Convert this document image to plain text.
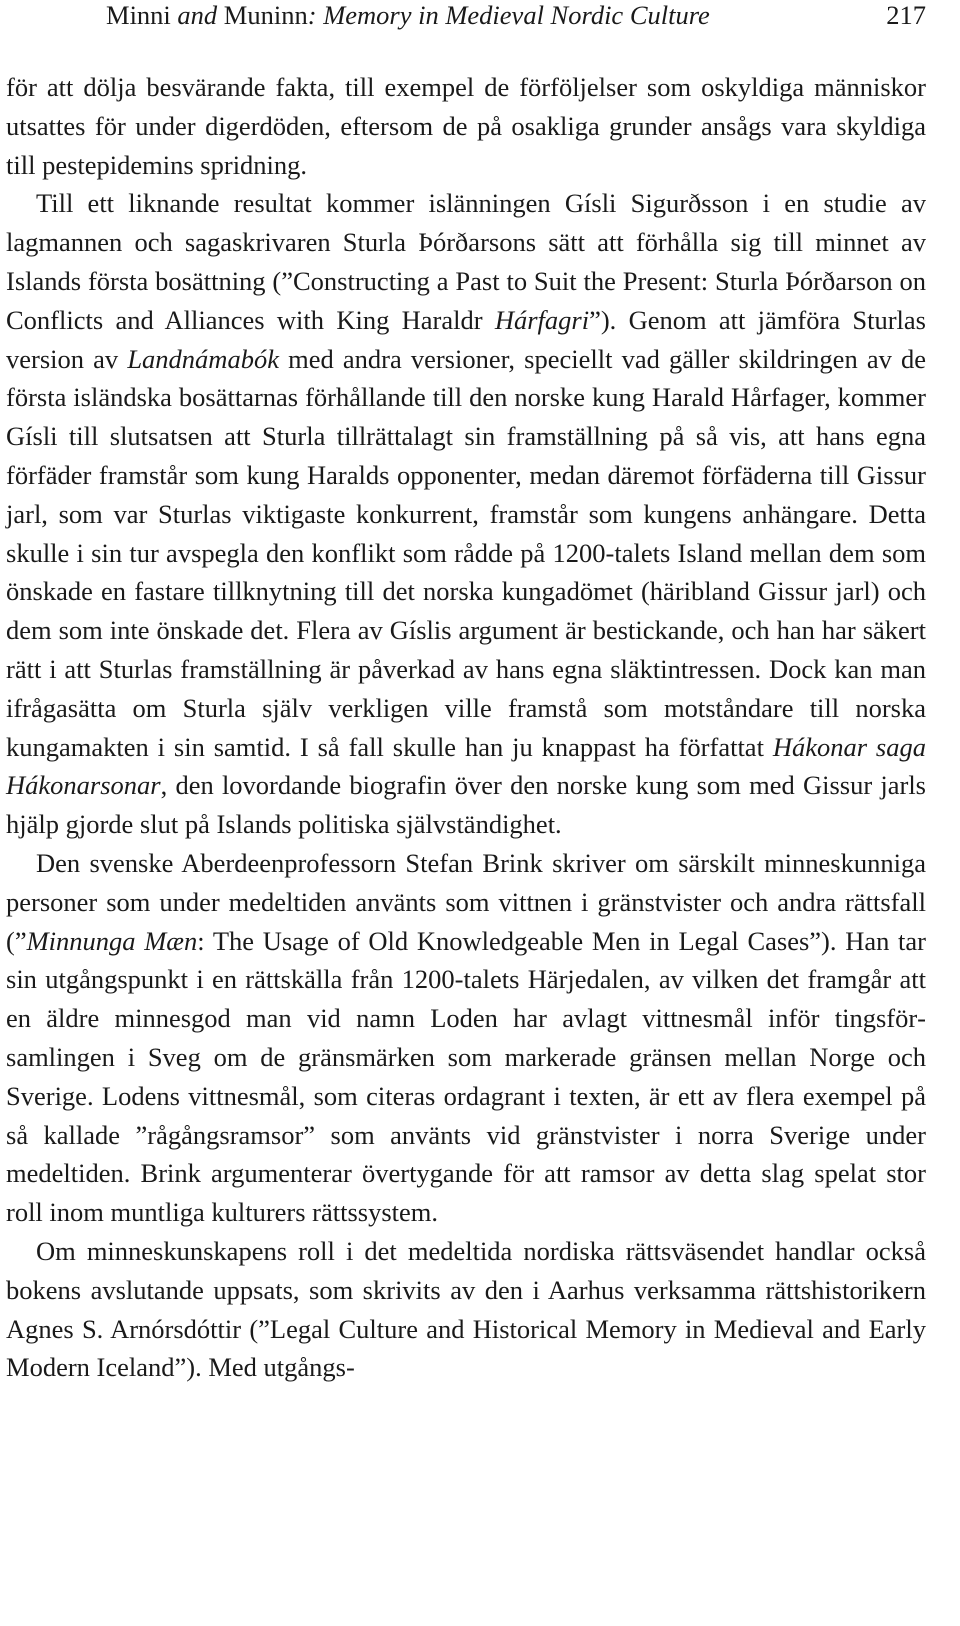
Minni and Muninn: Memory in Medieval Nordic Culture	217

för att dölja besvärande fakta, till exempel de förföljelser som oskyldiga människor utsattes för under digerdöden, eftersom de på osakliga grunder ansågs vara skyldiga till pestepidemins spridning.

Till ett liknande resultat kommer islänningen Gísli Sigurðsson i en studie av lagmannen och sagaskrivaren Sturla Þórðarsons sätt att förhålla sig till minnet av Islands första bosättning (”Constructing a Past to Suit the Present: Sturla Þórðarson on Conflicts and Alliances with King Haraldr Hárfagri”). Genom att jämföra Sturlas version av Landnámabók med andra versioner, speciellt vad gäller skildringen av de första isländska bosättarnas förhållande till den norske kung Harald Hårfager, kommer Gísli till slutsatsen att Sturla tillrättalagt sin framställning på så vis, att hans egna förfäder framstår som kung Haralds opponenter, medan däremot förfäderna till Gissur jarl, som var Sturlas viktigaste konkurrent, framstår som kungens anhängare. Detta skulle i sin tur avspegla den konflikt som rådde på 1200-talets Island mellan dem som önskade en fastare tillknytning till det norska kungadömet (häribland Gissur jarl) och dem som inte önskade det. Flera av Gíslis argument är bestickande, och han har säkert rätt i att Sturlas framställning är påverkad av hans egna släktintressen. Dock kan man ifrågasätta om Sturla själv verkligen ville framstå som motståndare till norska kungamakten i sin samtid. I så fall skulle han ju knappast ha författat Hákonar saga Hákonarsonar, den lovordande biografin över den norske kung som med Gissur jarls hjälp gjorde slut på Islands politiska självständighet.

Den svenske Aberdeenprofessorn Stefan Brink skriver om särskilt minneskunniga personer som under medeltiden använts som vittnen i gränstvister och andra rättsfall (”Minnunga Mæn: The Usage of Old Knowledgeable Men in Legal Cases”). Han tar sin utgångspunkt i en rättskälla från 1200-talets Härjedalen, av vilken det framgår att en äldre minnesgod man vid namn Loden har avlagt vittnesmål inför tingsförsamlingen i Sveg om de gränsmärken som markerade gränsen mellan Norge och Sverige. Lodens vittnesmål, som citeras ordagrant i texten, är ett av flera exempel på så kallade ”rågångsramsor” som använts vid gränstvister i norra Sverige under medeltiden. Brink argumenterar övertygande för att ramsor av detta slag spelat stor roll inom muntliga kulturers rättssystem.

Om minneskunskapens roll i det medeltida nordiska rättsväsendet handlar också bokens avslutande uppsats, som skrivits av den i Aarhus verksamma rättshistorikern Agnes S. Arnórsdóttir (”Legal Culture and Historical Memory in Medieval and Early Modern Iceland”). Med utgångs-
